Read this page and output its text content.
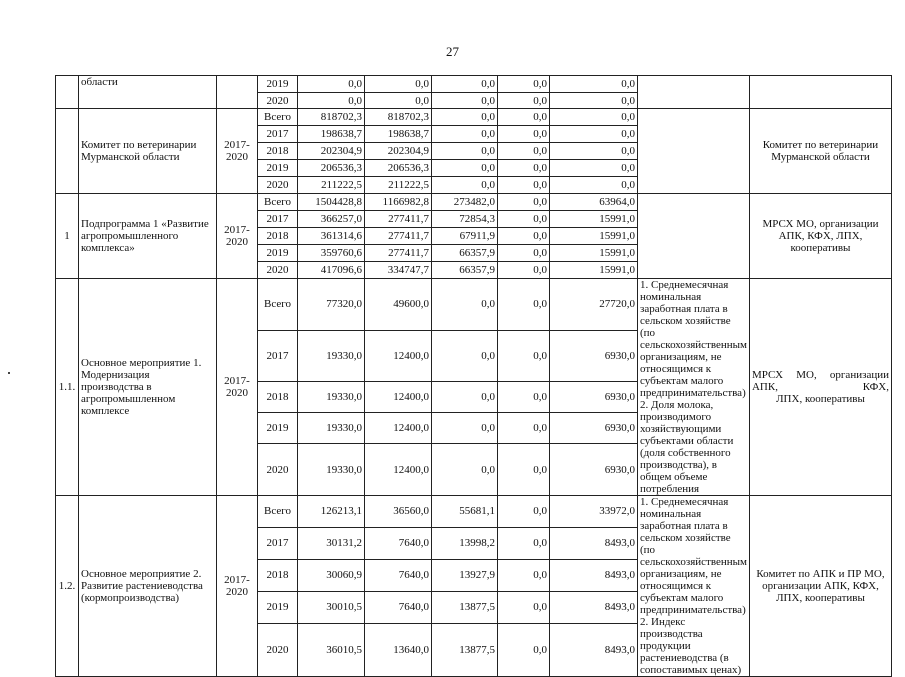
27
	области		2019	0,0	0,0	0,0	0,0	0,0		
			2020	0,0	0,0	0,0	0,0	0,0		
	Комитет по ветеринарии Мурманской области	2017-2020	Всего	818702,3	818702,3	0,0	0,0	0,0		Комитет по ветеринарии Мурманской области
			2017	198638,7	198638,7	0,0	0,0	0,0		
			2018	202304,9	202304,9	0,0	0,0	0,0		
			2019	206536,3	206536,3	0,0	0,0	0,0		
			2020	211222,5	211222,5	0,0	0,0	0,0		
1	Подпрограмма 1 «Развитие агропромышленного комплекса»	2017-2020	Всего	1504428,8	1166982,8	273482,0	0,0	63964,0		МРСХ МО, организации АПК, КФХ, ЛПХ, кооперативы
			2017	366257,0	277411,7	72854,3	0,0	15991,0		
			2018	361314,6	277411,7	67911,9	0,0	15991,0		
			2019	359760,6	277411,7	66357,9	0,0	15991,0		
			2020	417096,6	334747,7	66357,9	0,0	15991,0		
1.1.	Основное мероприятие 1. Модернизация производства в агропромышленном комплексе	2017-2020	Всего	77320,0	49600,0	0,0	0,0	27720,0	1. Среднемесячная номинальная заработная плата в сельском хозяйстве (по сельскохозяйственным организациям, не относящимся к субъектам малого предпринимательства) 2. Доля молока, производимого хозяйствующими субъектами области (доля собственного производства), в общем объеме потребления	МРСХ МО, организации АПК, КФХ,
ЛПХ, кооперативы

			2017	19330,0	12400,0	0,0	0,0	6930,0		
			2018	19330,0	12400,0	0,0	0,0	6930,0		
			2019	19330,0	12400,0	0,0	0,0	6930,0		
			2020	19330,0	12400,0	0,0	0,0	6930,0		
1.2.	Основное мероприятие 2. Развитие растениеводства (кормопроизводства)	2017-2020	Всего	126213,1	36560,0	55681,1	0,0	33972,0	1. Среднемесячная номинальная заработная плата в сельском хозяйстве (по сельскохозяйственным организациям, не относящимся к субъектам малого предпринимательства) 2. Индекс производства продукции растениеводства (в сопоставимых ценах)	Комитет по АПК и ПР МО, организации АПК, КФХ, ЛПХ, кооперативы
			2017	30131,2	7640,0	13998,2	0,0	8493,0		
			2018	30060,9	7640,0	13927,9	0,0	8493,0		
			2019	30010,5	7640,0	13877,5	0,0	8493,0		
			2020	36010,5	13640,0	13877,5	0,0	8493,0		
